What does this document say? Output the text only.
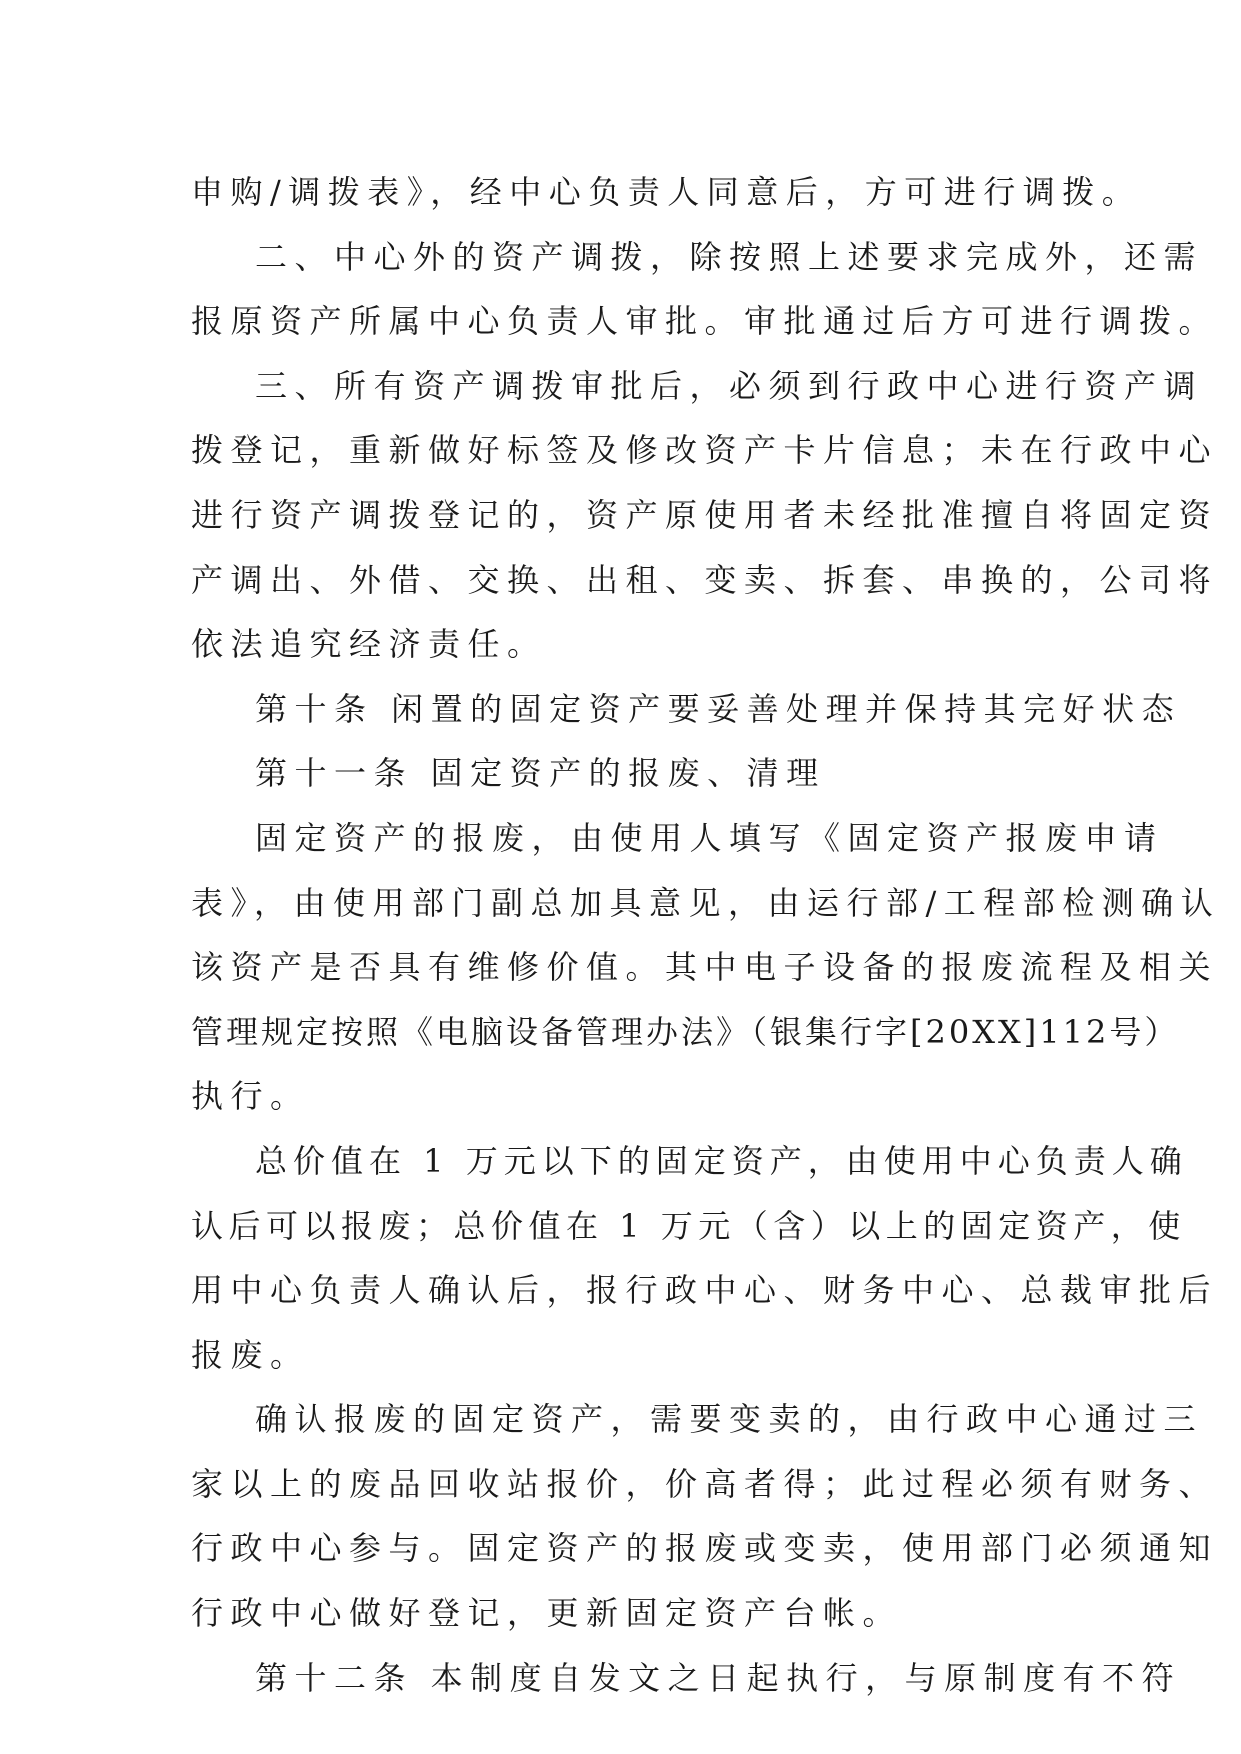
申购/调拨表》，经中心负责人同意后，方可进行调拨。
二、中心外的资产调拨，除按照上述要求完成外，还需
报原资产所属中心负责人审批。审批通过后方可进行调拨。
三、所有资产调拨审批后，必须到行政中心进行资产调
拨登记，重新做好标签及修改资产卡片信息；未在行政中心
进行资产调拨登记的，资产原使用者未经批准擅自将固定资
产调出、外借、交换、出租、变卖、拆套、串换的，公司将
依法追究经济责任。
第十条 闲置的固定资产要妥善处理并保持其完好状态
第十一条 固定资产的报废、清理
固定资产的报废，由使用人填写《固定资产报废申请
表》，由使用部门副总加具意见，由运行部/工程部检测确认
该资产是否具有维修价值。其中电子设备的报废流程及相关
管理规定按照《电脑设备管理办法》（银集行字[20XX]112号）
执行。
总价值在 1 万元以下的固定资产，由使用中心负责人确
认后可以报废；总价值在 1 万元（含）以上的固定资产，使
用中心负责人确认后，报行政中心、财务中心、总裁审批后
报废。
确认报废的固定资产，需要变卖的，由行政中心通过三
家以上的废品回收站报价，价高者得；此过程必须有财务、
行政中心参与。固定资产的报废或变卖，使用部门必须通知
行政中心做好登记，更新固定资产台帐。
第十二条 本制度自发文之日起执行，与原制度有不符
